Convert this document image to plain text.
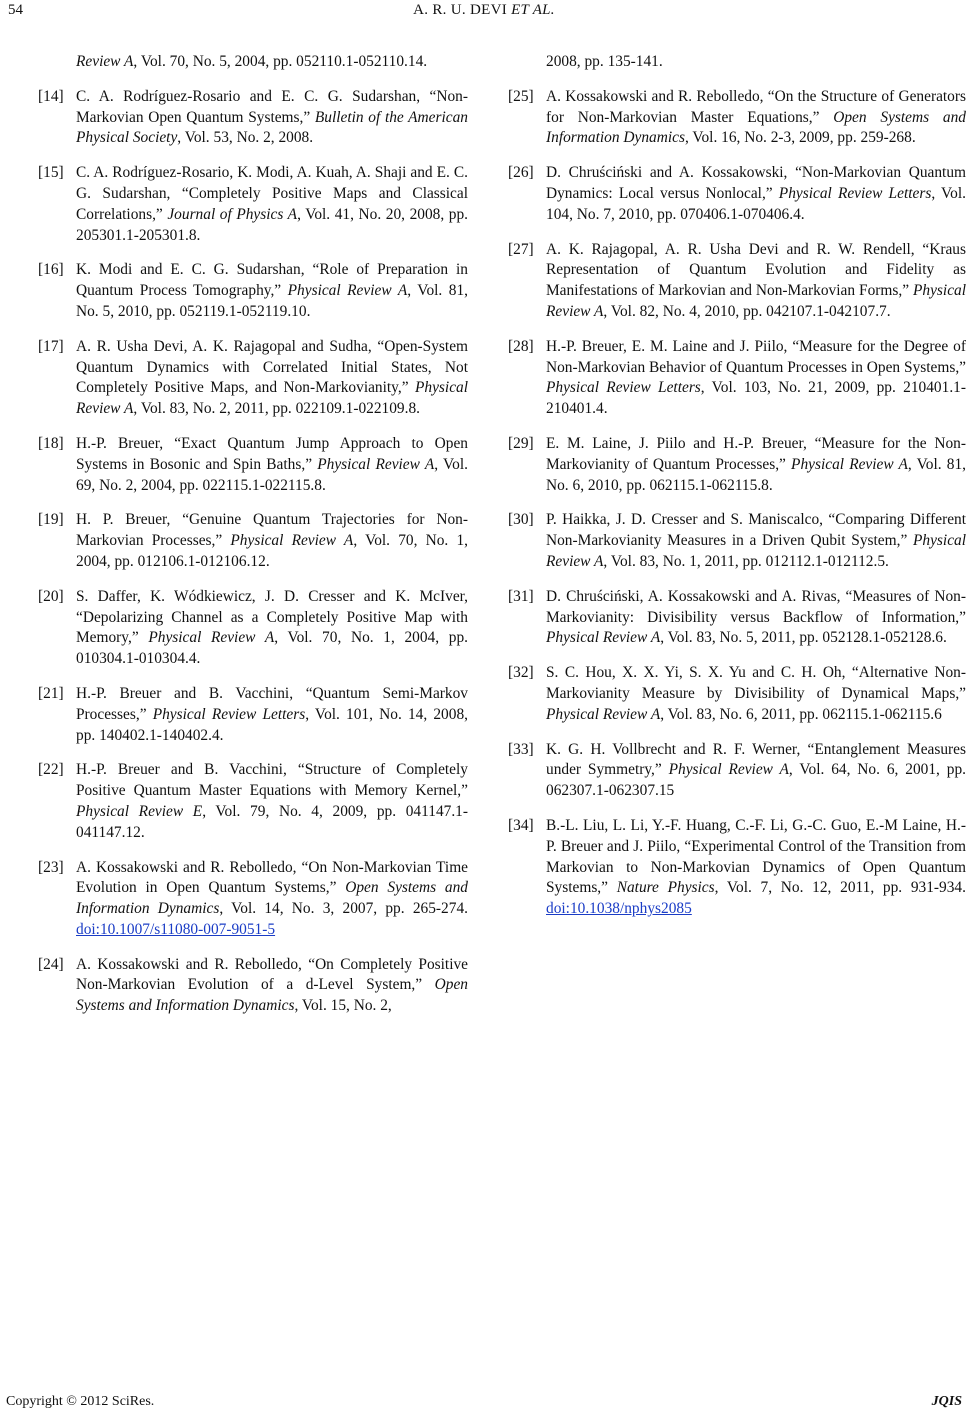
54	A. R. U. DEVI ET AL.
Review A, Vol. 70, No. 5, 2004, pp. 052110.1-052110.14.
[14] C. A. Rodríguez-Rosario and E. C. G. Sudarshan, “Non-Markovian Open Quantum Systems,” Bulletin of the American Physical Society, Vol. 53, No. 2, 2008.
[15] C. A. Rodríguez-Rosario, K. Modi, A. Kuah, A. Shaji and E. C. G. Sudarshan, “Completely Positive Maps and Classical Correlations,” Journal of Physics A, Vol. 41, No. 20, 2008, pp. 205301.1-205301.8.
[16] K. Modi and E. C. G. Sudarshan, “Role of Preparation in Quantum Process Tomography,” Physical Review A, Vol. 81, No. 5, 2010, pp. 052119.1-052119.10.
[17] A. R. Usha Devi, A. K. Rajagopal and Sudha, “Open-System Quantum Dynamics with Correlated Initial States, Not Completely Positive Maps, and Non-Markovianity,” Physical Review A, Vol. 83, No. 2, 2011, pp. 022109.1-022109.8.
[18] H.-P. Breuer, “Exact Quantum Jump Approach to Open Systems in Bosonic and Spin Baths,” Physical Review A, Vol. 69, No. 2, 2004, pp. 022115.1-022115.8.
[19] H. P. Breuer, “Genuine Quantum Trajectories for Non-Markovian Processes,” Physical Review A, Vol. 70, No. 1, 2004, pp. 012106.1-012106.12.
[20] S. Daffer, K. Wódkiewicz, J. D. Cresser and K. McIver, “Depolarizing Channel as a Completely Positive Map with Memory,” Physical Review A, Vol. 70, No. 1, 2004, pp. 010304.1-010304.4.
[21] H.-P. Breuer and B. Vacchini, “Quantum Semi-Markov Processes,” Physical Review Letters, Vol. 101, No. 14, 2008, pp. 140402.1-140402.4.
[22] H.-P. Breuer and B. Vacchini, “Structure of Completely Positive Quantum Master Equations with Memory Kernel,” Physical Review E, Vol. 79, No. 4, 2009, pp. 041147.1-041147.12.
[23] A. Kossakowski and R. Rebolledo, “On Non-Markovian Time Evolution in Open Quantum Systems,” Open Systems and Information Dynamics, Vol. 14, No. 3, 2007, pp. 265-274. doi:10.1007/s11080-007-9051-5
[24] A. Kossakowski and R. Rebolledo, “On Completely Positive Non-Markovian Evolution of a d-Level System,” Open Systems and Information Dynamics, Vol. 15, No. 2,
2008, pp. 135-141.
[25] A. Kossakowski and R. Rebolledo, “On the Structure of Generators for Non-Markovian Master Equations,” Open Systems and Information Dynamics, Vol. 16, No. 2-3, 2009, pp. 259-268.
[26] D. Chruściński and A. Kossakowski, “Non-Markovian Quantum Dynamics: Local versus Nonlocal,” Physical Review Letters, Vol. 104, No. 7, 2010, pp. 070406.1-070406.4.
[27] A. K. Rajagopal, A. R. Usha Devi and R. W. Rendell, “Kraus Representation of Quantum Evolution and Fidelity as Manifestations of Markovian and Non-Markovian Forms,” Physical Review A, Vol. 82, No. 4, 2010, pp. 042107.1-042107.7.
[28] H.-P. Breuer, E. M. Laine and J. Piilo, “Measure for the Degree of Non-Markovian Behavior of Quantum Processes in Open Systems,” Physical Review Letters, Vol. 103, No. 21, 2009, pp. 210401.1-210401.4.
[29] E. M. Laine, J. Piilo and H.-P. Breuer, “Measure for the Non-Markovianity of Quantum Processes,” Physical Review A, Vol. 81, No. 6, 2010, pp. 062115.1-062115.8.
[30] P. Haikka, J. D. Cresser and S. Maniscalco, “Comparing Different Non-Markovianity Measures in a Driven Qubit System,” Physical Review A, Vol. 83, No. 1, 2011, pp. 012112.1-012112.5.
[31] D. Chruściński, A. Kossakowski and A. Rivas, “Measures of Non-Markovianity: Divisibility versus Backflow of Information,” Physical Review A, Vol. 83, No. 5, 2011, pp. 052128.1-052128.6.
[32] S. C. Hou, X. X. Yi, S. X. Yu and C. H. Oh, “Alternative Non-Markovianity Measure by Divisibility of Dynamical Maps,” Physical Review A, Vol. 83, No. 6, 2011, pp. 062115.1-062115.6
[33] K. G. H. Vollbrecht and R. F. Werner, “Entanglement Measures under Symmetry,” Physical Review A, Vol. 64, No. 6, 2001, pp. 062307.1-062307.15
[34] B.-L. Liu, L. Li, Y.-F. Huang, C.-F. Li, G.-C. Guo, E.-M Laine, H.-P. Breuer and J. Piilo, “Experimental Control of the Transition from Markovian to Non-Markovian Dynamics of Open Quantum Systems,” Nature Physics, Vol. 7, No. 12, 2011, pp. 931-934. doi:10.1038/nphys2085
Copyright © 2012 SciRes.	JQIS
